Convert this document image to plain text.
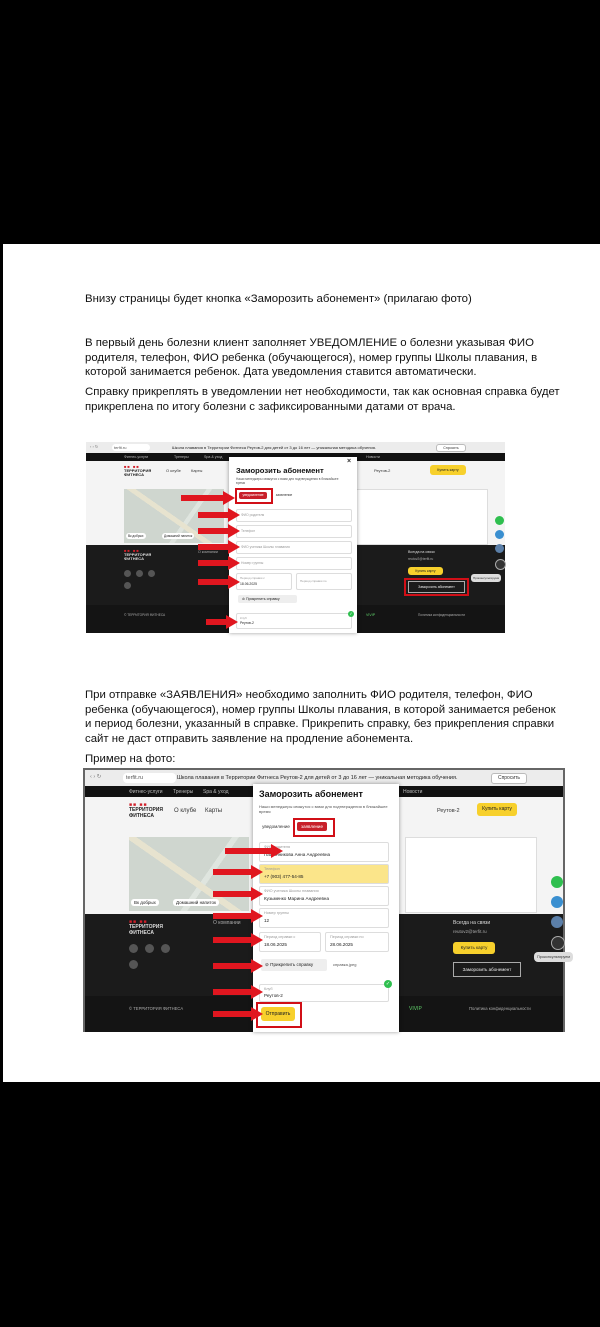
Внизу страницы будет кнопка «Заморозить абонемент» (прилагаю фото)

В первый день болезни клиент заполняет УВЕДОМЛЕНИЕ о болезни указывая ФИО родителя, телефон, ФИО ребенка (обучающегося), номер группы Школы плавания, в которой занимается ребенок. Дата уведомления ставится автоматически.

Справку прикреплять в уведомлении нет необходимости, так как основная справка будет прикреплена по итогу болезни с зафиксированными датами от врача.

‹ › ↻	terfit.ru	Школа плавания в Территории Фитнеса Реутов-2 для детей от 3 до 16 лет — уникальная методика обучения.	Спросить
Фитнес-услуги	Тренеры	Spa & уход	Новости
■■ ■■
ТЕРРИТОРИЯ
ФИТНЕСА
О клубе	Карты	Реутов-2	Купить карту
Вк добрых	Домашний напиток
■■ ■■
ТЕРРИТОРИЯ
ФИТНЕСА
О компании	Всегда на связи
reutov2@terfit.ru
Купить карту
Заморозить абонемент
Проконсультируем
© ТЕРРИТОРИЯ ФИТНЕСА	VIVIP	Политика конфиденциальности
×
Заморозить абонемент
Наши менеджеры свяжутся с вами для подтверждения в ближайшее время
уведомление	заявление
ФИО родителя
Телефон
ФИО ученика Школы плавания
Номер группы
Период справки с
18.06.2025
Период справки по
⊘ Прикрепить справку
Клуб
Реутов-2
✓

При отправке «ЗАЯВЛЕНИЯ» необходимо заполнить ФИО родителя, телефон, ФИО ребенка (обучающегося), номер группы Школы плавания, в которой занимается ребенок и период болезни, указанный в справке. Прикрепить справку, без прикрепления справки сайт не даст отправить заявление на продление абонемента.

Пример на фото:

‹ › ↻	terfit.ru	Школа плавания в Территории Фитнеса Реутов-2 для детей от 3 до 16 лет — уникальная методика обучения.	Спросить
Фитнес-услуги Тренеры Spa & уход	Новости
■■ ■■
ТЕРРИТОРИЯ
ФИТНЕСА
О клубе Карты	Реутов-2	Купить карту
Вк добрых	Домашний напиток
■■ ■■
ТЕРРИТОРИЯ
ФИТНЕСА
О компании	Всегда на связи
reutov2@terfit.ru
Купить карту
Заморозить абонемент
Проконсультируем
© ТЕРРИТОРИЯ ФИТНЕСА	VIVIP	Политика конфиденциальности
Заморозить абонемент
Наши менеджеры свяжутся с вами для подтверждения в ближайшее время
уведомление	заявление
ФИО родителя
Пашинникова Анна Андреевна
Телефон
+7 (903) 477-54-85
ФИО ученика Школы плавания
Кузьменко Марина Андреевна
Номер группы
12
Период справки с
18.06.2025
Период справки по
28.06.2025
⊘ Прикрепить справку	справка.jpeg
Клуб
Реутов-2
✓
Отправить
